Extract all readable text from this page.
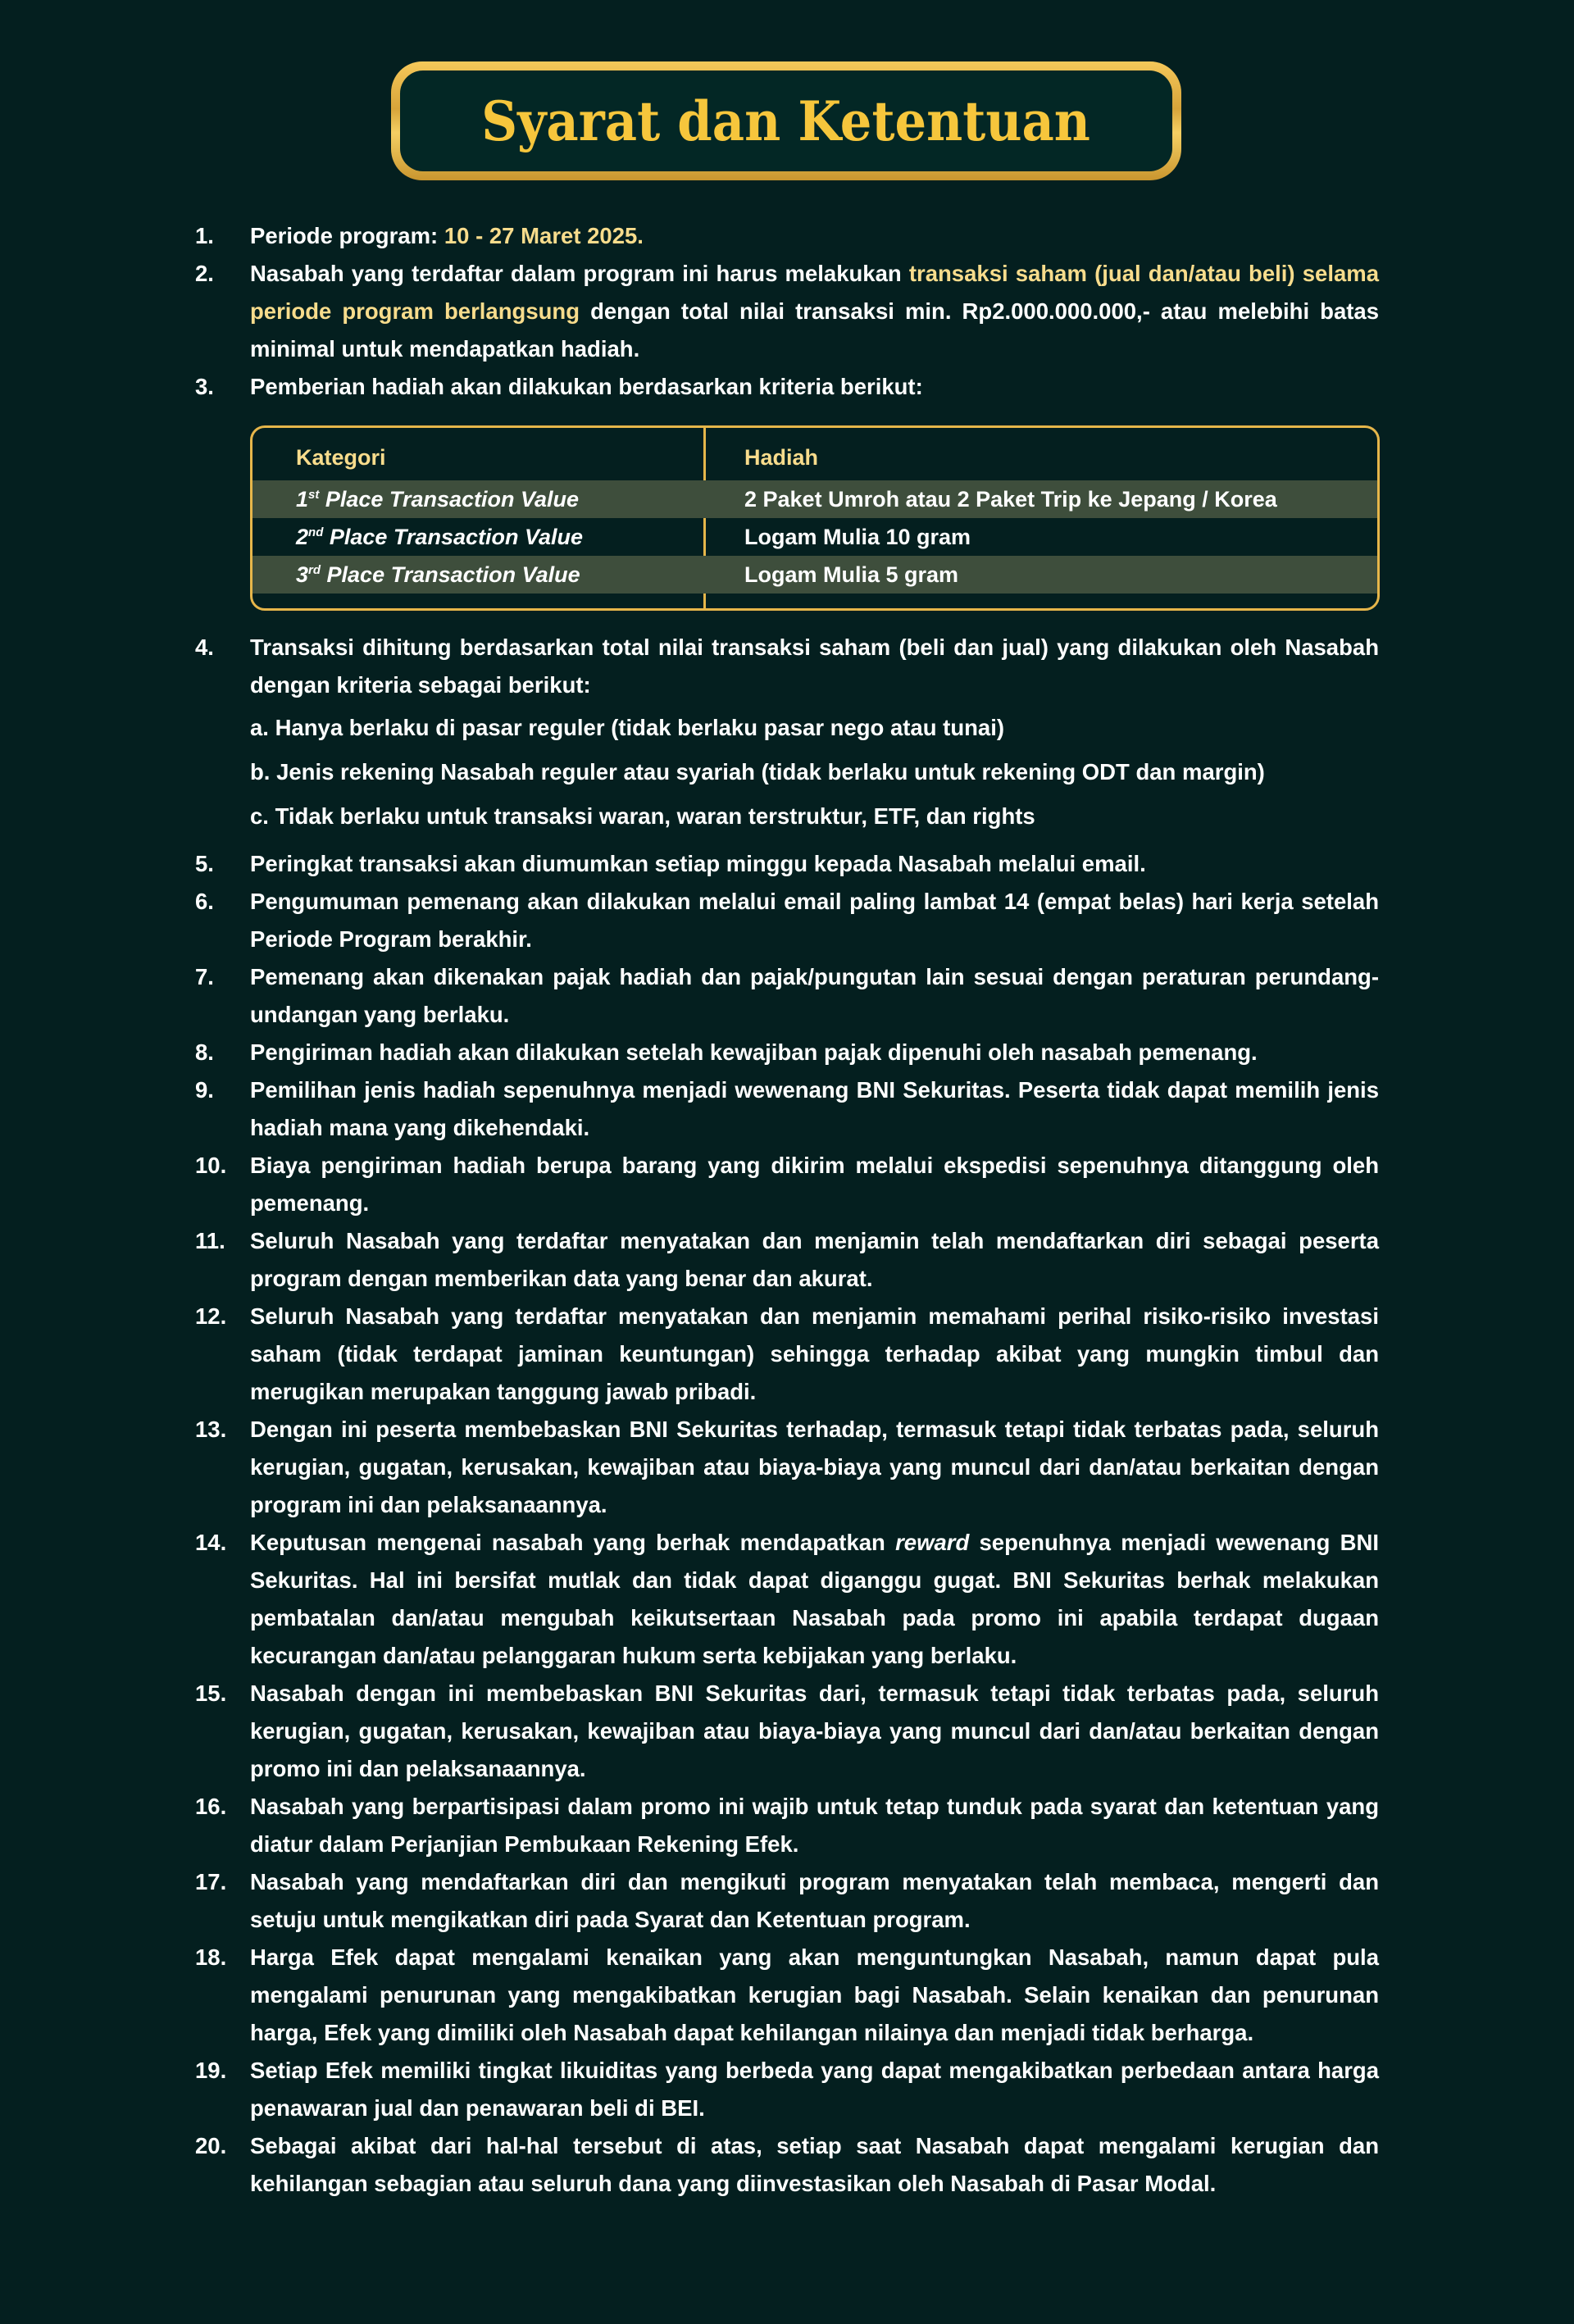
Syarat dan Ketentuan
1.	Periode program: 10 - 27 Maret 2025.
2.	Nasabah yang terdaftar dalam program ini harus melakukan transaksi saham (jual dan/atau beli) selama periode program berlangsung dengan total nilai transaksi min. Rp2.000.000.000,- atau melebihi batas minimal untuk mendapatkan hadiah.
3.	Pemberian hadiah akan dilakukan berdasarkan kriteria berikut:
Kategori	Hadiah
1st Place Transaction Value	2 Paket Umroh atau 2 Paket Trip ke Jepang / Korea
2nd Place Transaction Value	Logam Mulia 10 gram
3rd Place Transaction Value	Logam Mulia 5 gram
4.	Transaksi dihitung berdasarkan total nilai transaksi saham (beli dan jual) yang dilakukan oleh Nasabah dengan kriteria sebagai berikut:
a. Hanya berlaku di pasar reguler (tidak berlaku pasar nego atau tunai)
b. Jenis rekening Nasabah reguler atau syariah (tidak berlaku untuk rekening ODT dan margin)
c. Tidak berlaku untuk transaksi waran, waran terstruktur, ETF, dan rights
5.	Peringkat transaksi akan diumumkan setiap minggu kepada Nasabah melalui email.
6.	Pengumuman pemenang akan dilakukan melalui email paling lambat 14 (empat belas) hari kerja setelah Periode Program berakhir.
7.	Pemenang akan dikenakan pajak hadiah dan pajak/pungutan lain sesuai dengan peraturan perundang-undangan yang berlaku.
8.	Pengiriman hadiah akan dilakukan setelah kewajiban pajak dipenuhi oleh nasabah pemenang.
9.	Pemilihan jenis hadiah sepenuhnya menjadi wewenang BNI Sekuritas. Peserta tidak dapat memilih jenis hadiah mana yang dikehendaki.
10.	Biaya pengiriman hadiah berupa barang yang dikirim melalui ekspedisi sepenuhnya ditanggung oleh pemenang.
11.	Seluruh Nasabah yang terdaftar menyatakan dan menjamin telah mendaftarkan diri sebagai peserta program dengan memberikan data yang benar dan akurat.
12.	Seluruh Nasabah yang terdaftar menyatakan dan menjamin memahami perihal risiko-risiko investasi saham (tidak terdapat jaminan keuntungan) sehingga terhadap akibat yang mungkin timbul dan merugikan merupakan tanggung jawab pribadi.
13.	Dengan ini peserta membebaskan BNI Sekuritas terhadap, termasuk tetapi tidak terbatas pada, seluruh kerugian, gugatan, kerusakan, kewajiban atau biaya-biaya yang muncul dari dan/atau berkaitan dengan program ini dan pelaksanaannya.
14.	Keputusan mengenai nasabah yang berhak mendapatkan reward sepenuhnya menjadi wewenang BNI Sekuritas. Hal ini bersifat mutlak dan tidak dapat diganggu gugat. BNI Sekuritas berhak melakukan pembatalan dan/atau mengubah keikutsertaan Nasabah pada promo ini apabila terdapat dugaan kecurangan dan/atau pelanggaran hukum serta kebijakan yang berlaku.
15.	Nasabah dengan ini membebaskan BNI Sekuritas dari, termasuk tetapi tidak terbatas pada, seluruh kerugian, gugatan, kerusakan, kewajiban atau biaya-biaya yang muncul dari dan/atau berkaitan dengan promo ini dan pelaksanaannya.
16.	Nasabah yang berpartisipasi dalam promo ini wajib untuk tetap tunduk pada syarat dan ketentuan yang diatur dalam Perjanjian Pembukaan Rekening Efek.
17.	Nasabah yang mendaftarkan diri dan mengikuti program menyatakan telah membaca, mengerti dan setuju untuk mengikatkan diri pada Syarat dan Ketentuan program.
18.	Harga Efek dapat mengalami kenaikan yang akan menguntungkan Nasabah, namun dapat pula mengalami penurunan yang mengakibatkan kerugian bagi Nasabah. Selain kenaikan dan penurunan harga, Efek yang dimiliki oleh Nasabah dapat kehilangan nilainya dan menjadi tidak berharga.
19.	Setiap Efek memiliki tingkat likuiditas yang berbeda yang dapat mengakibatkan perbedaan antara harga penawaran jual dan penawaran beli di BEI.
20.	Sebagai akibat dari hal-hal tersebut di atas, setiap saat Nasabah dapat mengalami kerugian dan kehilangan sebagian atau seluruh dana yang diinvestasikan oleh Nasabah di Pasar Modal.
